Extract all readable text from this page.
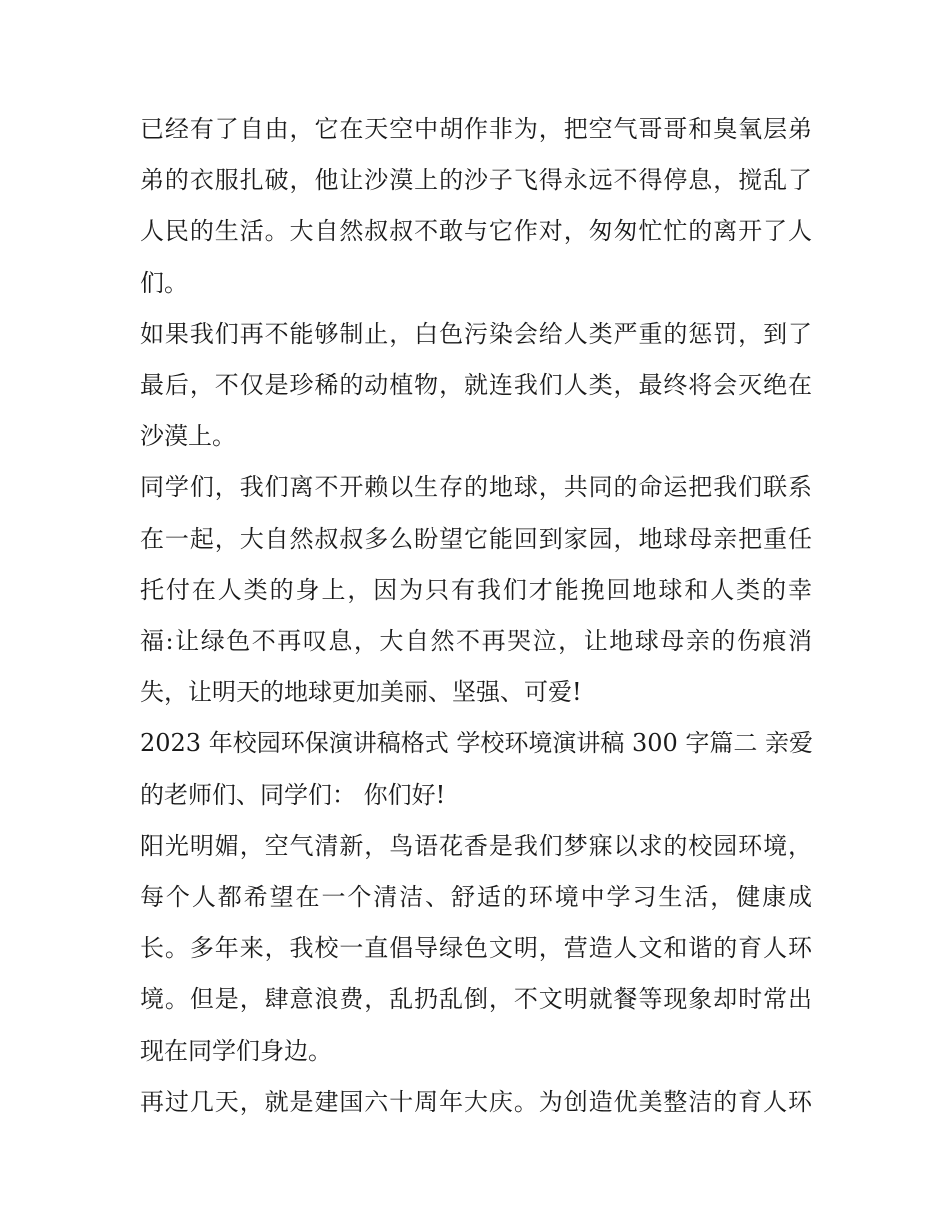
已经有了自由，它在天空中胡作非为，把空气哥哥和臭氧层弟
弟的衣服扎破，他让沙漠上的沙子飞得永远不得停息，搅乱了
人民的生活。大自然叔叔不敢与它作对，匆匆忙忙的离开了人
们。
如果我们再不能够制止，白色污染会给人类严重的惩罚，到了
最后，不仅是珍稀的动植物，就连我们人类，最终将会灭绝在
沙漠上。
同学们，我们离不开赖以生存的地球，共同的命运把我们联系
在一起，大自然叔叔多么盼望它能回到家园，地球母亲把重任
托付在人类的身上，因为只有我们才能挽回地球和人类的幸
福:让绿色不再叹息，大自然不再哭泣，让地球母亲的伤痕消
失，让明天的地球更加美丽、坚强、可爱!
2023 年校园环保演讲稿格式 学校环境演讲稿 300 字篇二 亲爱
的老师们、同学们： 你们好!
阳光明媚，空气清新，鸟语花香是我们梦寐以求的校园环境，
每个人都希望在一个清洁、舒适的环境中学习生活，健康成
长。多年来，我校一直倡导绿色文明，营造人文和谐的育人环
境。但是，肆意浪费，乱扔乱倒，不文明就餐等现象却时常出
现在同学们身边。
再过几天，就是建国六十周年大庆。为创造优美整洁的育人环
